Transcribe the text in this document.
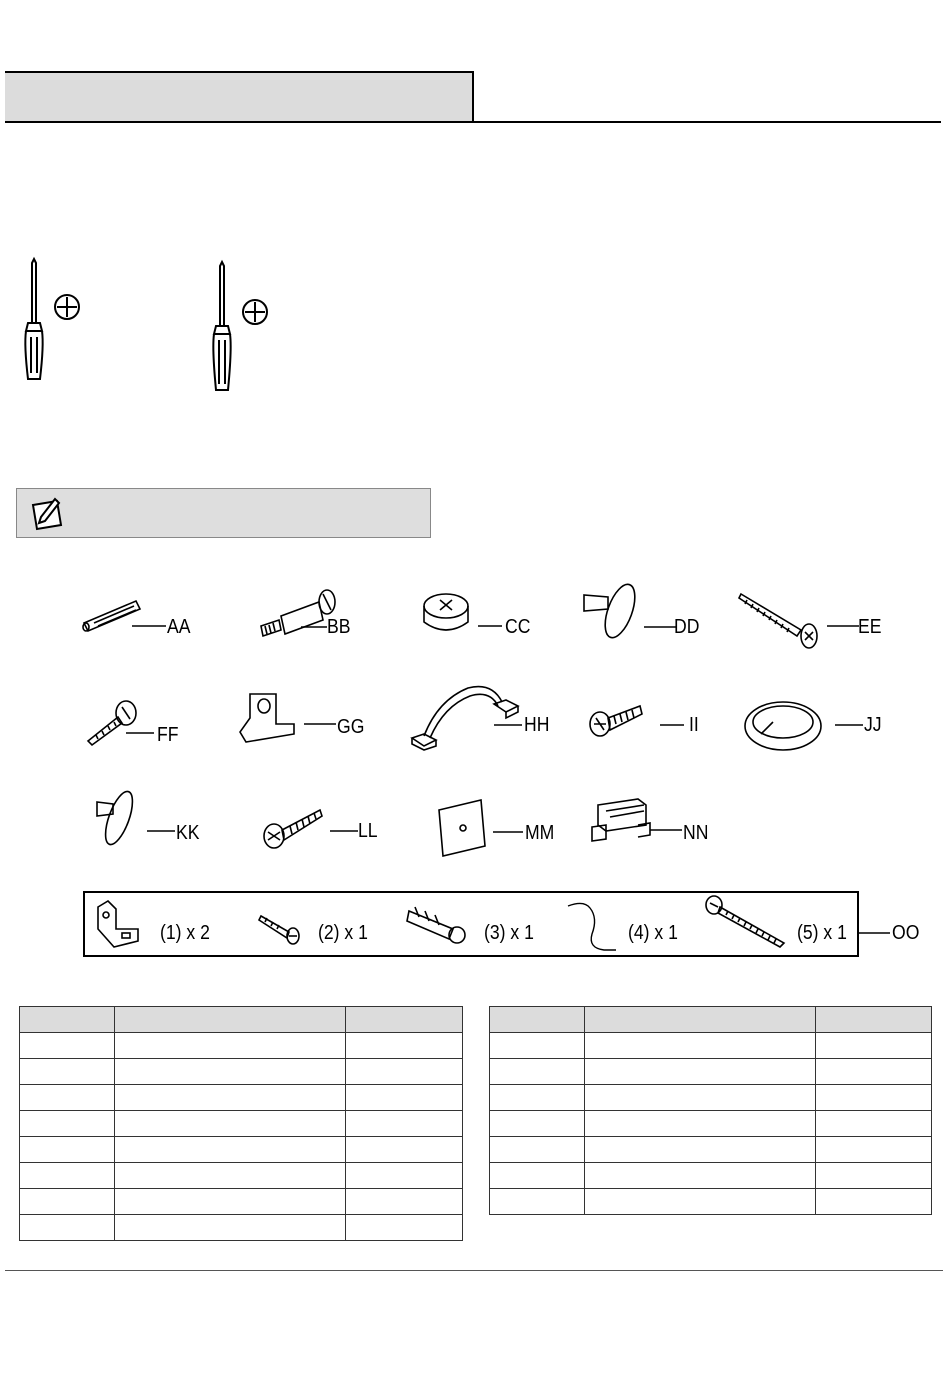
AA	BB	CC	DD	EE
FF	GG	HH	II	JJ
KK	LL	MM	NN
(1) x 2	(2) x 1	(3) x 1	(4) x 1	(5) x 1 OO
